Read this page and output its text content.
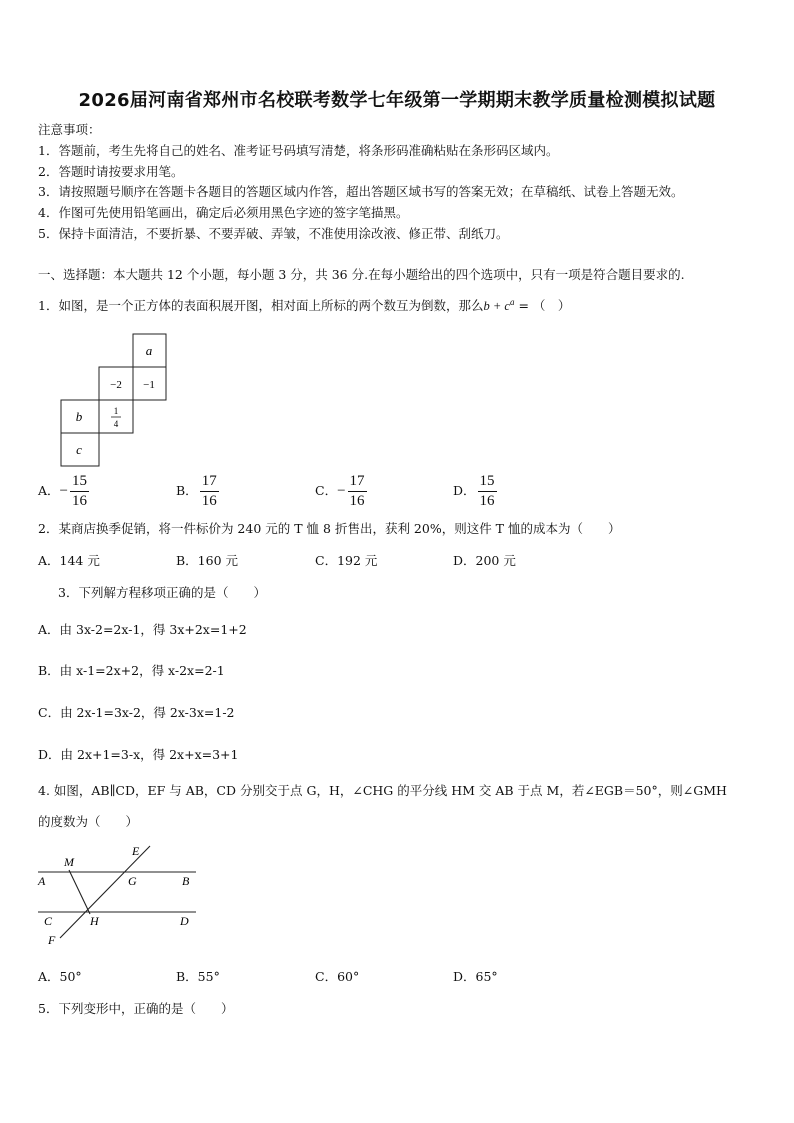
2026届河南省郑州市名校联考数学七年级第一学期期末教学质量检测模拟试题
注意事项：
1．答题前，考生先将自己的姓名、准考证号码填写清楚，将条形码准确粘贴在条形码区域内。
2．答题时请按要求用笔。
3．请按照题号顺序在答题卡各题目的答题区域内作答，超出答题区域书写的答案无效；在草稿纸、试卷上答题无效。
4．作图可先使用铅笔画出，确定后必须用黑色字迹的签字笔描黑。
5．保持卡面清洁，不要折暴、不要弄破、弄皱，不准使用涂改液、修正带、刮纸刀。
一、选择题：本大题共 12 个小题，每小题 3 分，共 36 分.在每小题给出的四个选项中，只有一项是符合题目要求的.
1．如图，是一个正方体的表面积展开图，相对面上所标的两个数互为倒数，那么$b + c^a$ = （　）
a
−2 −1
b	1
4
c
A．− $\frac{15}{16}$	B． $\frac{17}{16}$	C．− $\frac{17}{16}$	D． $\frac{15}{16}$
2．某商店换季促销，将一件标价为 240 元的 T 恤 8 折售出，获利 20%，则这件 T 恤的成本为（　　）
A．144 元	B．160 元	C．192 元	D．200 元
3．下列解方程移项正确的是（　　）
A．由 3x-2=2x-1，得 3x+2x=1+2
B．由 x-1=2x+2，得 x-2x=2-1
C．由 2x-1=3x-2，得 2x-3x=1-2
D．由 2x+1=3-x，得 2x+x=3+1
4. 如图，AB∥CD，EF 与 AB，CD 分别交于点 G，H，∠CHG 的平分线 HM 交 AB 于点 M，若∠EGB＝50°，则∠GMH
的度数为（　　）
M
E
A	G	B
C	H	D
F
A．50°	B．55°	C．60°	D．65°
5．下列变形中，正确的是（　　）
